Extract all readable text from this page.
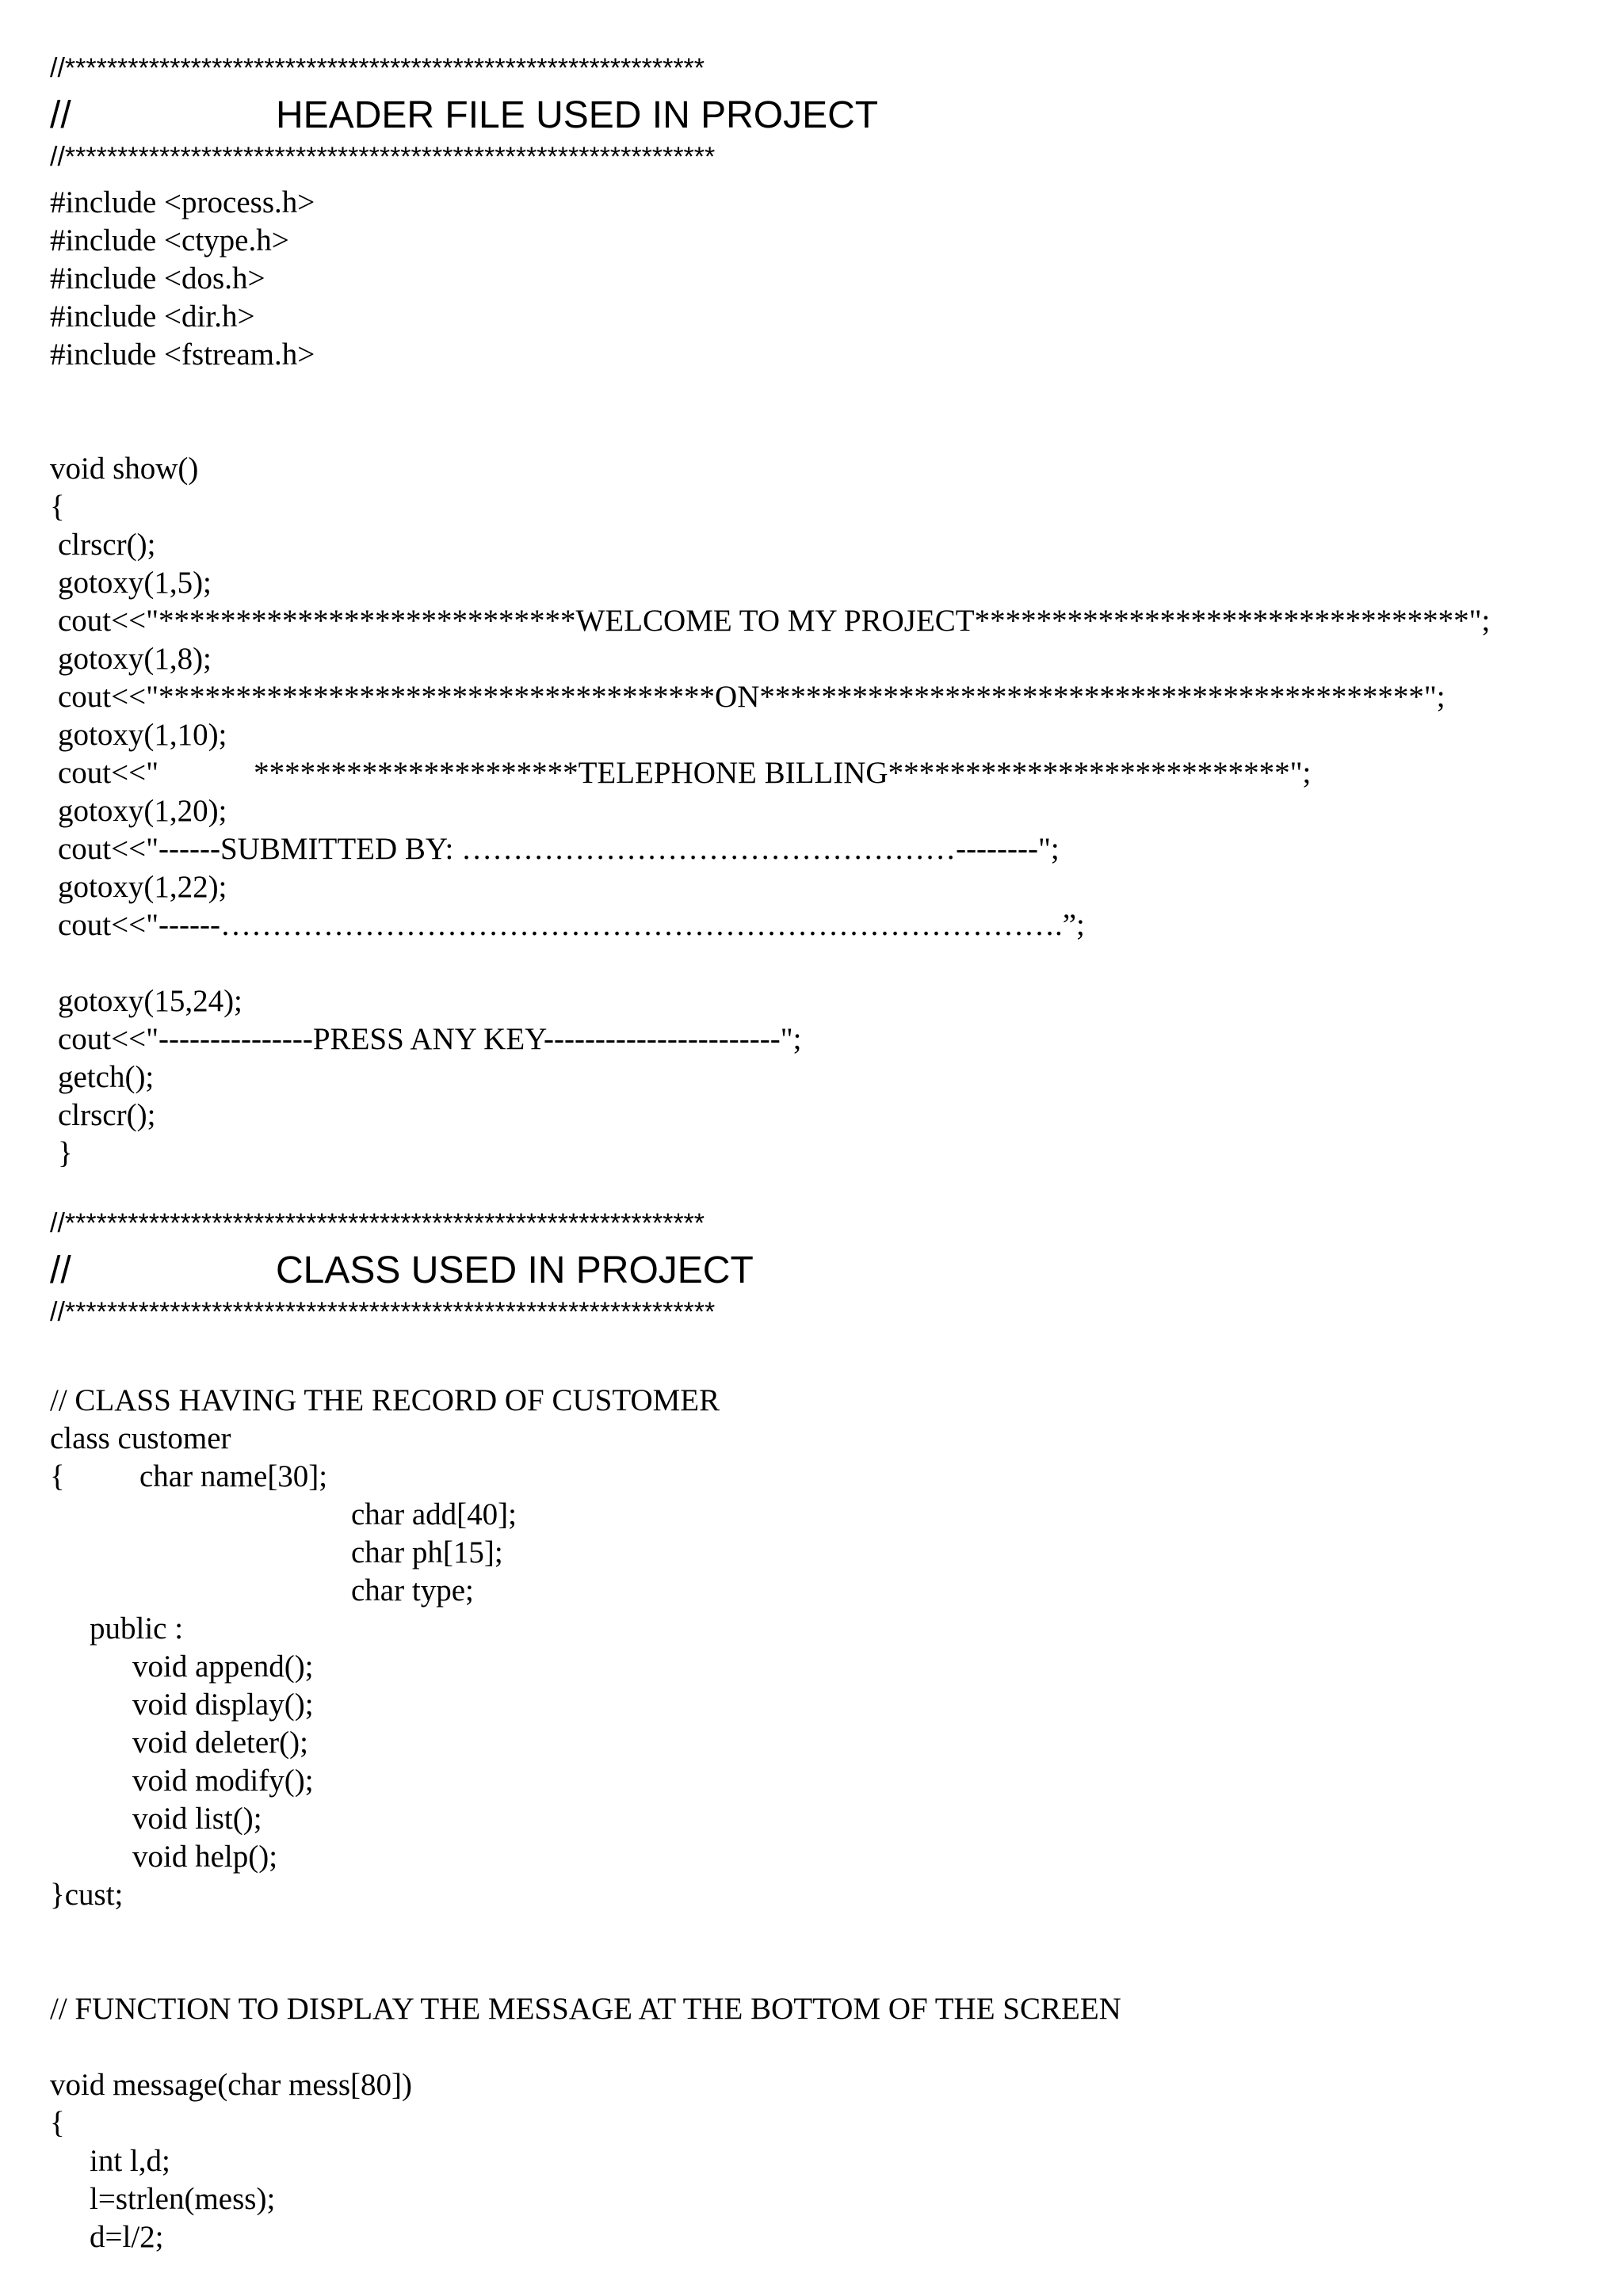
//*************************************************************
//	HEADER FILE USED IN PROJECT
//**************************************************************
#include <process.h>
#include <ctype.h>
#include <dos.h>
#include <dir.h>
#include <fstream.h>
void show()
{
clrscr();
gotoxy(1,5);
cout<<"***************************WELCOME TO MY PROJECT********************************";
gotoxy(1,8);
cout<<"************************************ON*******************************************";
gotoxy(1,10);
cout<<"	*********************TELEPHONE BILLING**************************";
gotoxy(1,20);
cout<<"------SUBMITTED BY: …………………………………………--------";
gotoxy(1,22);
cout<<"------……………………………………………………………………….”;
gotoxy(15,24);
cout<<"---------------PRESS ANY KEY-----------------------";
getch();
clrscr();
}
//*************************************************************
//	CLASS USED IN PROJECT
//**************************************************************
// CLASS HAVING THE RECORD OF CUSTOMER
class customer
{ char name[30];
char add[40];
char ph[15];
char type;
public :
void append();
void display();
void deleter();
void modify();
void list();
void help();
}cust;
// FUNCTION TO DISPLAY THE MESSAGE AT THE BOTTOM OF THE SCREEN
void message(char mess[80])
{
int l,d;
l=strlen(mess);
d=l/2;
